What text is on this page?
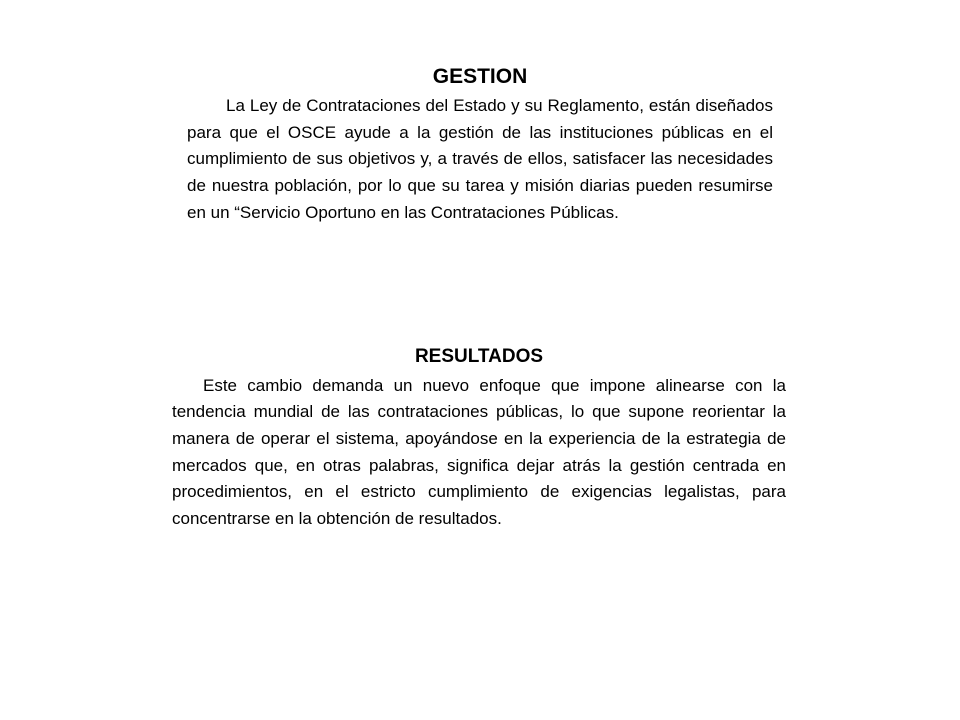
GESTION

La Ley de Contrataciones del Estado y su Reglamento, están diseñados para que el OSCE ayude a la gestión de las instituciones públicas en el cumplimiento de sus objetivos y, a través de ellos, satisfacer las necesidades de nuestra población, por lo que su tarea y misión diarias pueden resumirse en un “Servicio Oportuno en las Contrataciones Públicas.

RESULTADOS

Este cambio demanda un nuevo enfoque que impone alinearse con la tendencia mundial de las contrataciones públicas, lo que supone reorientar la manera de operar el sistema, apoyándose en la experiencia de la estrategia de mercados que, en otras palabras, significa dejar atrás la gestión centrada en procedimientos, en el estricto cumplimiento de exigencias legalistas, para concentrarse en la obtención de resultados.
